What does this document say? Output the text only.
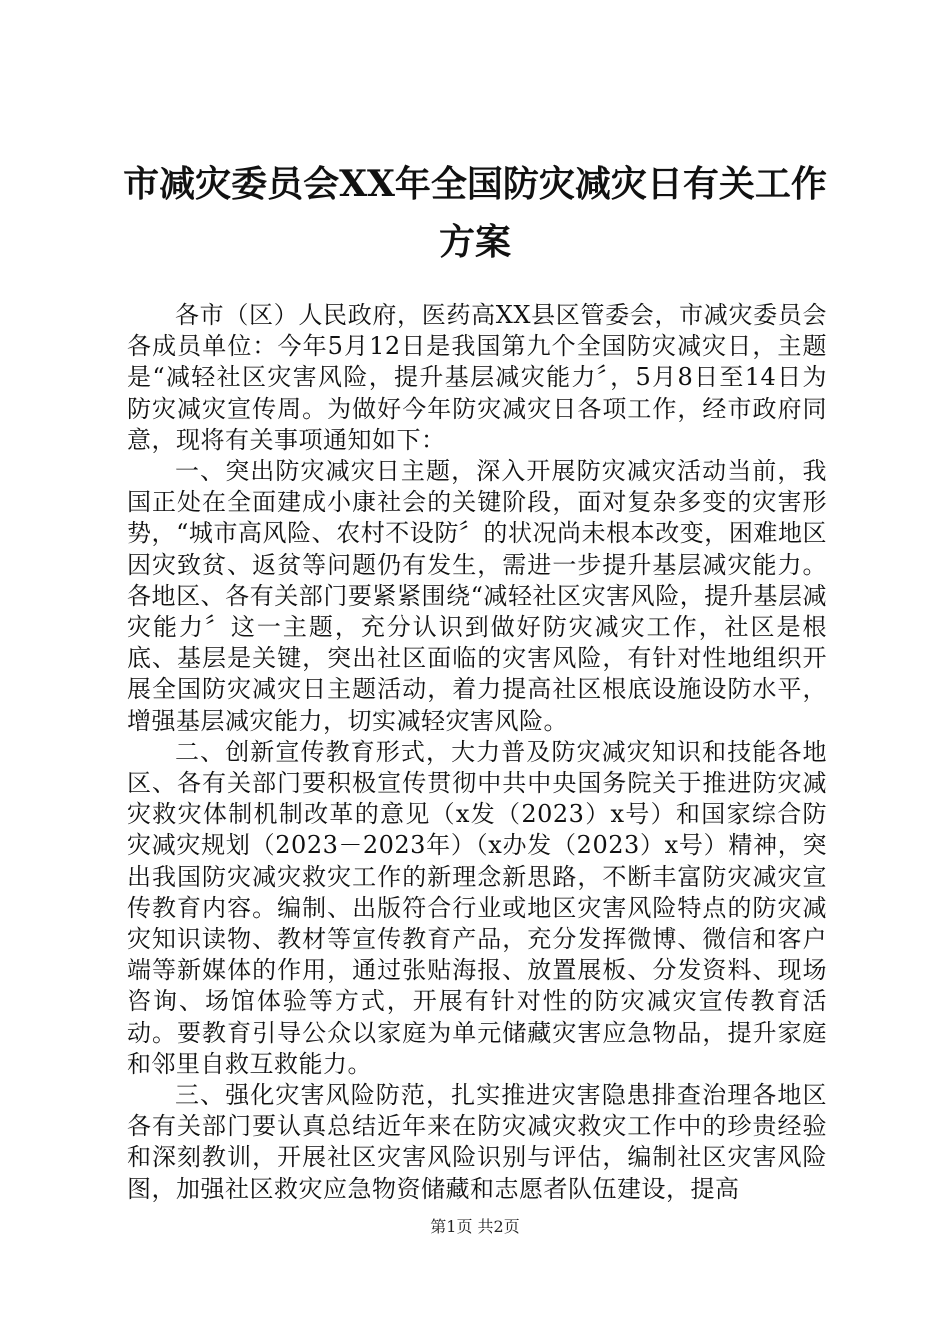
市减灾委员会XX年全国防灾减灾日有关工作
方案

各市（区）人民政府，医药高XX县区管委会，市减灾委员会各成员单位：今年5月12日是我国第九个全国防灾减灾日，主题是“减轻社区灾害风险，提升基层减灾能力〞，5月8日至14日为防灾减灾宣传周。为做好今年防灾减灾日各项工作，经市政府同意，现将有关事项通知如下：

一、突出防灾减灾日主题，深入开展防灾减灾活动当前，我国正处在全面建成小康社会的关键阶段，面对复杂多变的灾害形势，“城市高风险、农村不设防〞的状况尚未根本改变，困难地区因灾致贫、返贫等问题仍有发生，需进一步提升基层减灾能力。各地区、各有关部门要紧紧围绕“减轻社区灾害风险，提升基层减灾能力〞这一主题，充分认识到做好防灾减灾工作，社区是根底、基层是关键，突出社区面临的灾害风险，有针对性地组织开展全国防灾减灾日主题活动，着力提高社区根底设施设防水平，增强基层减灾能力，切实减轻灾害风险。

二、创新宣传教育形式，大力普及防灾减灾知识和技能各地区、各有关部门要积极宣传贯彻中共中央国务院关于推进防灾减灾救灾体制机制改革的意见（x发（2023）x号）和国家综合防灾减灾规划（2023－2023年）（x办发（2023）x号）精神，突出我国防灾减灾救灾工作的新理念新思路，不断丰富防灾减灾宣传教育内容。编制、出版符合行业或地区灾害风险特点的防灾减灾知识读物、教材等宣传教育产品，充分发挥微博、微信和客户端等新媒体的作用，通过张贴海报、放置展板、分发资料、现场咨询、场馆体验等方式，开展有针对性的防灾减灾宣传教育活动。要教育引导公众以家庭为单元储藏灾害应急物品，提升家庭和邻里自救互救能力。

三、强化灾害风险防范，扎实推进灾害隐患排查治理各地区各有关部门要认真总结近年来在防灾减灾救灾工作中的珍贵经验和深刻教训，开展社区灾害风险识别与评估，编制社区灾害风险图，加强社区救灾应急物资储藏和志愿者队伍建设，提高

第1页 共2页
